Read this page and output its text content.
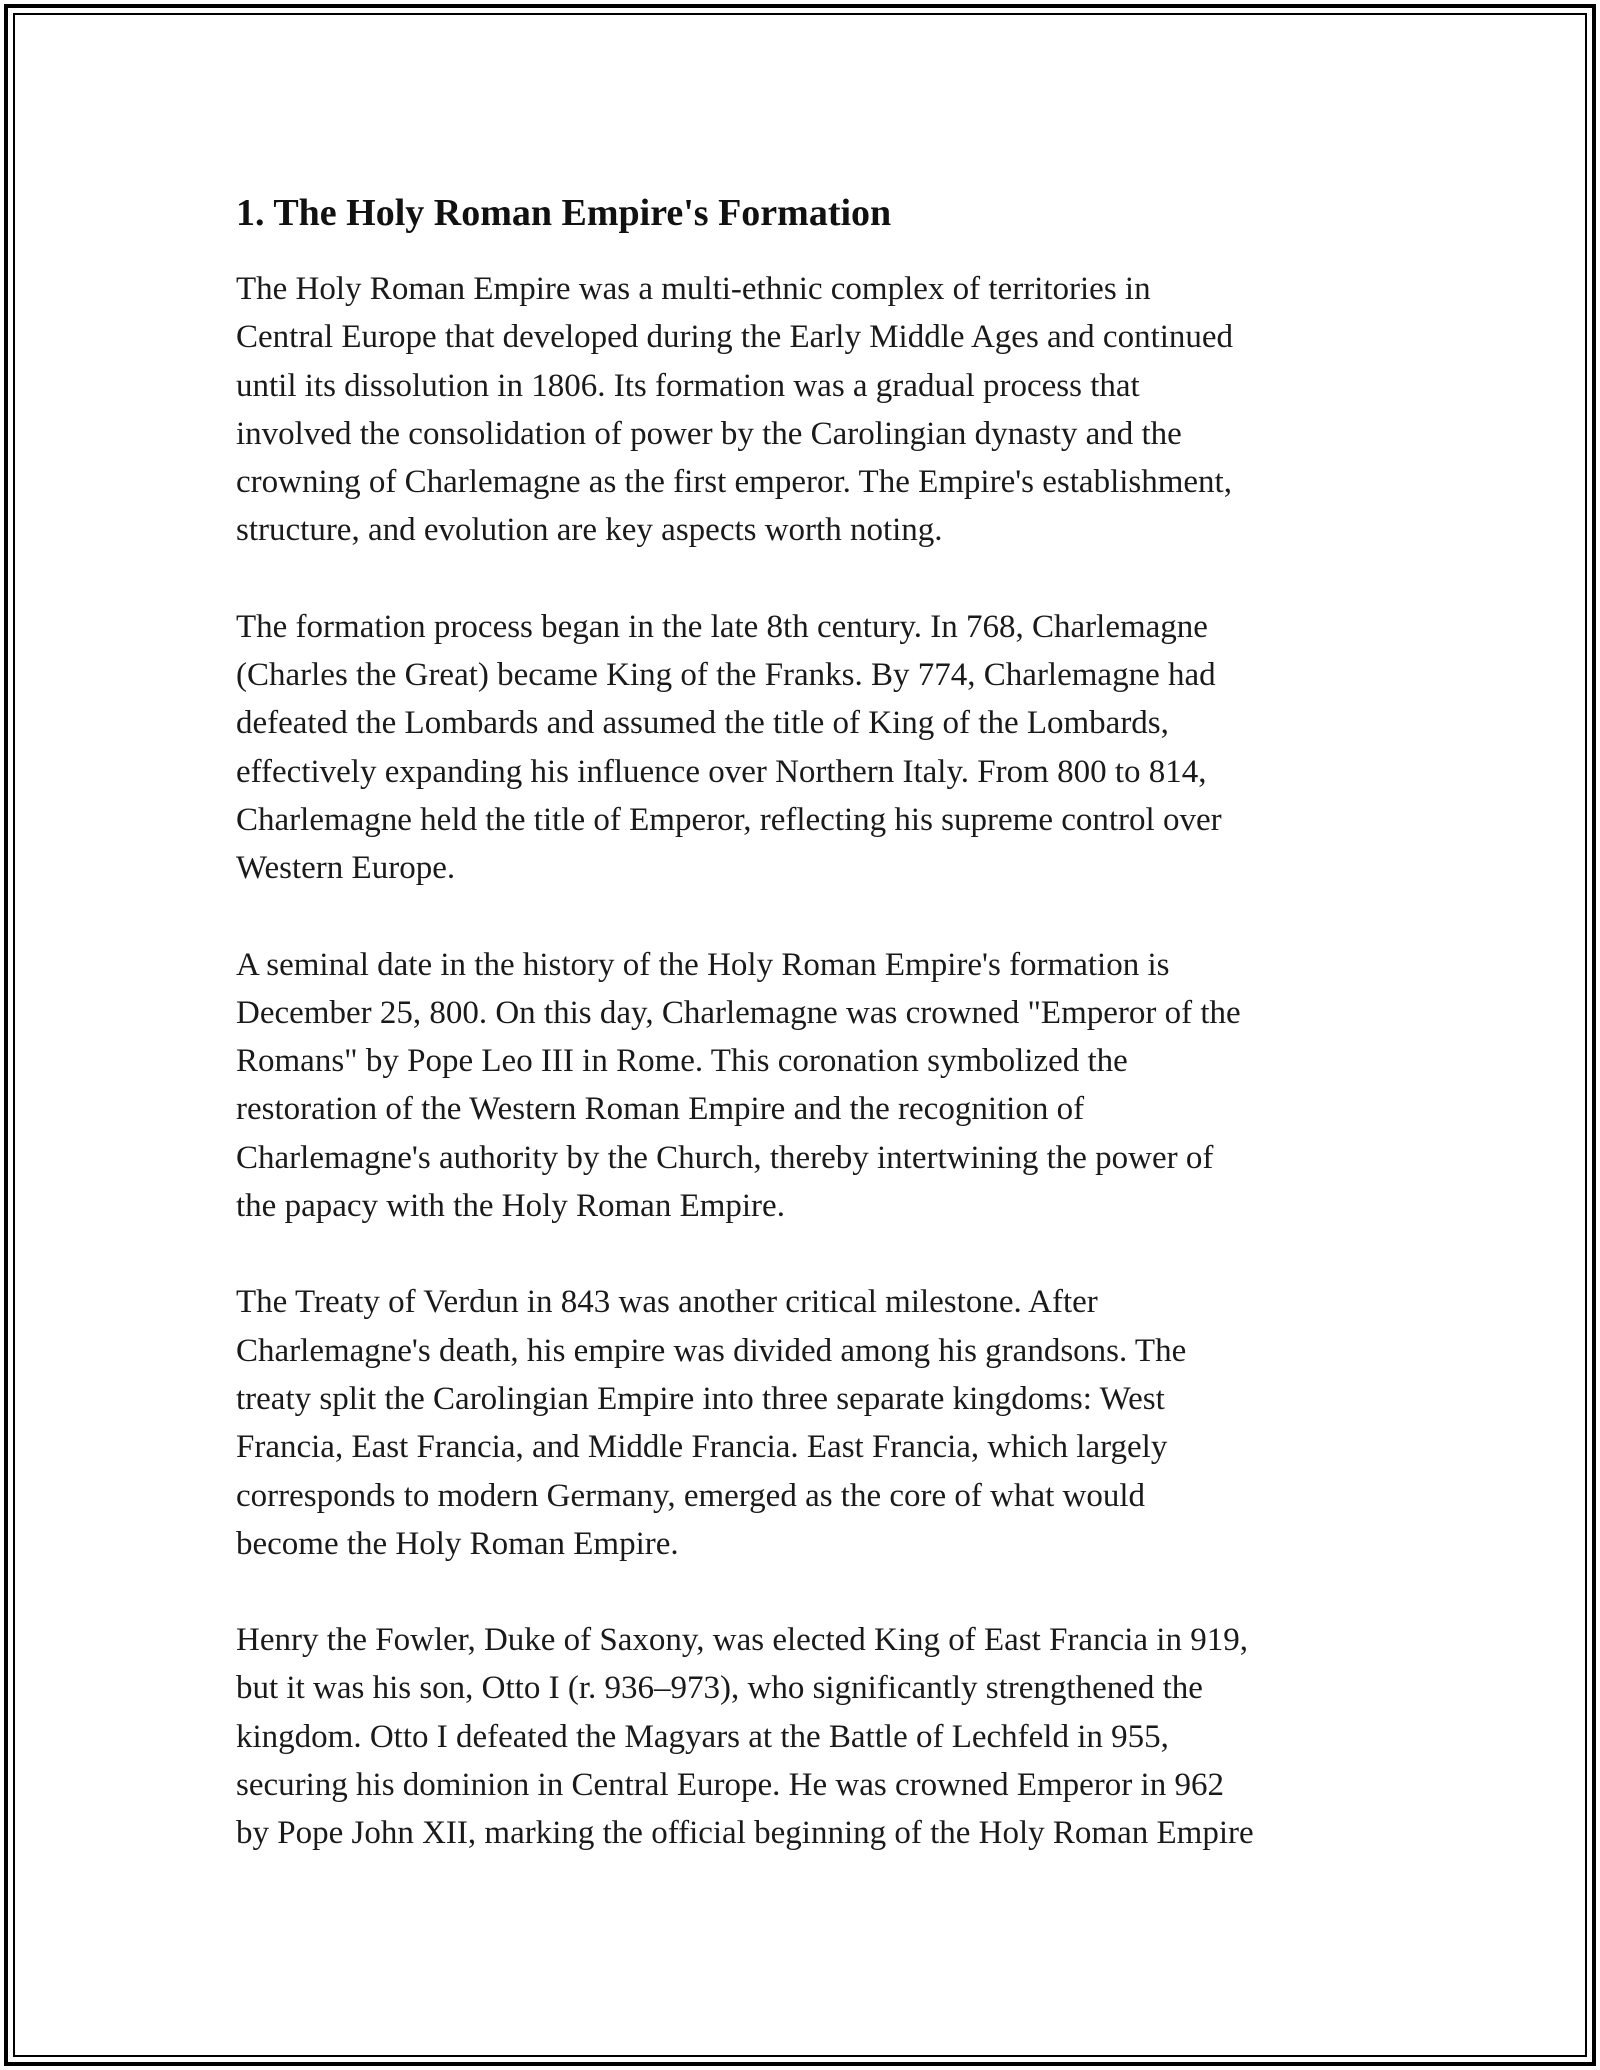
1. The Holy Roman Empire's Formation

The Holy Roman Empire was a multi-ethnic complex of territories in
Central Europe that developed during the Early Middle Ages and continued
until its dissolution in 1806. Its formation was a gradual process that
involved the consolidation of power by the Carolingian dynasty and the
crowning of Charlemagne as the first emperor. The Empire's establishment,
structure, and evolution are key aspects worth noting.

The formation process began in the late 8th century. In 768, Charlemagne
(Charles the Great) became King of the Franks. By 774, Charlemagne had
defeated the Lombards and assumed the title of King of the Lombards,
effectively expanding his influence over Northern Italy. From 800 to 814,
Charlemagne held the title of Emperor, reflecting his supreme control over
Western Europe.

A seminal date in the history of the Holy Roman Empire's formation is
December 25, 800. On this day, Charlemagne was crowned "Emperor of the
Romans" by Pope Leo III in Rome. This coronation symbolized the
restoration of the Western Roman Empire and the recognition of
Charlemagne's authority by the Church, thereby intertwining the power of
the papacy with the Holy Roman Empire.

The Treaty of Verdun in 843 was another critical milestone. After
Charlemagne's death, his empire was divided among his grandsons. The
treaty split the Carolingian Empire into three separate kingdoms: West
Francia, East Francia, and Middle Francia. East Francia, which largely
corresponds to modern Germany, emerged as the core of what would
become the Holy Roman Empire.

Henry the Fowler, Duke of Saxony, was elected King of East Francia in 919,
but it was his son, Otto I (r. 936–973), who significantly strengthened the
kingdom. Otto I defeated the Magyars at the Battle of Lechfeld in 955,
securing his dominion in Central Europe. He was crowned Emperor in 962
by Pope John XII, marking the official beginning of the Holy Roman Empire
